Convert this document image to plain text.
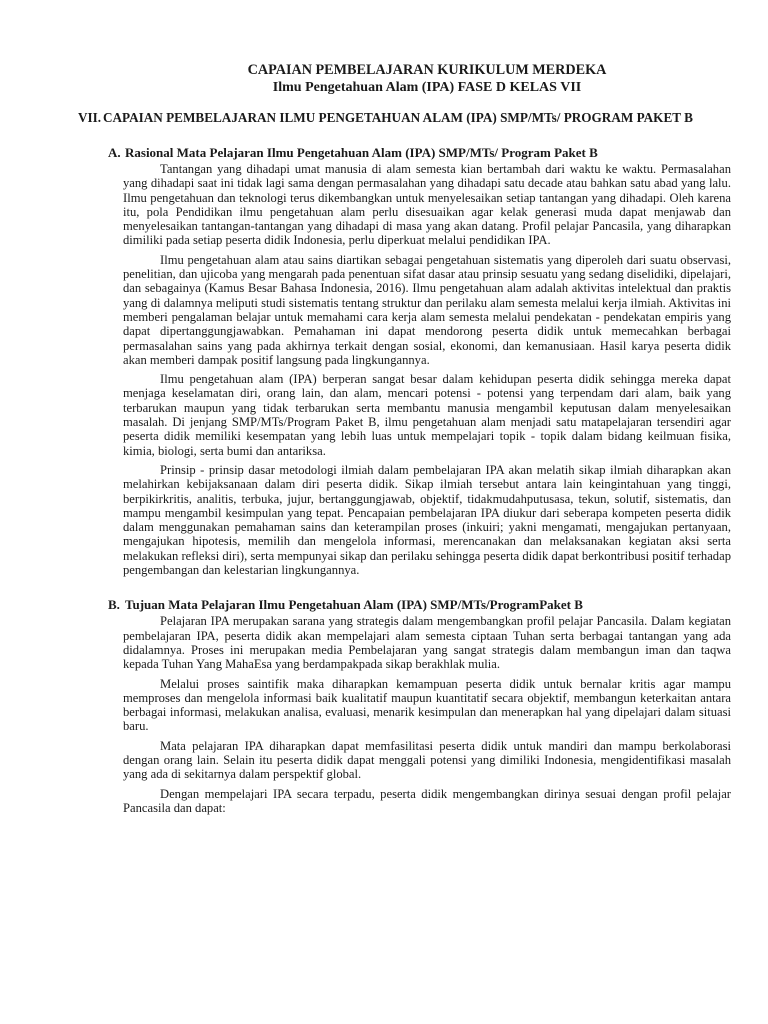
CAPAIAN PEMBELAJARAN KURIKULUM MERDEKA
Ilmu Pengetahuan Alam (IPA) FASE D KELAS VII
VII. CAPAIAN PEMBELAJARAN ILMU PENGETAHUAN ALAM (IPA) SMP/MTs/ PROGRAM PAKET B
A. Rasional Mata Pelajaran Ilmu Pengetahuan Alam (IPA) SMP/MTs/ Program Paket B

Tantangan yang dihadapi umat manusia di alam semesta kian bertambah dari waktu ke waktu. Permasalahan yang dihadapi saat ini tidak lagi sama dengan permasalahan yang dihadapi satu decade atau bahkan satu abad yang lalu. Ilmu pengetahuan dan teknologi terus dikembangkan untuk menyelesaikan setiap tantangan yang dihadapi. Oleh karena itu, pola Pendidikan ilmu pengetahuan alam perlu disesuaikan agar kelak generasi muda dapat menjawab dan menyelesaikan tantangan-tantangan yang dihadapi di masa yang akan datang. Profil pelajar Pancasila, yang diharapkan dimiliki pada setiap peserta didik Indonesia, perlu diperkuat melalui pendidikan IPA.

Ilmu pengetahuan alam atau sains diartikan sebagai pengetahuan sistematis yang diperoleh dari suatu observasi, penelitian, dan ujicoba yang mengarah pada penentuan sifat dasar atau prinsip sesuatu yang sedang diselidiki, dipelajari, dan sebagainya (Kamus Besar Bahasa Indonesia, 2016). Ilmu pengetahuan alam adalah aktivitas intelektual dan praktis yang di dalamnya meliputi studi sistematis tentang struktur dan perilaku alam semesta melalui kerja ilmiah. Aktivitas ini memberi pengalaman belajar untuk memahami cara kerja alam semesta melalui pendekatan - pendekatan empiris yang dapat dipertanggungjawabkan. Pemahaman ini dapat mendorong peserta didik untuk memecahkan berbagai permasalahan sains yang pada akhirnya terkait dengan sosial, ekonomi, dan kemanusiaan. Hasil karya peserta didik akan memberi dampak positif langsung pada lingkungannya.

Ilmu pengetahuan alam (IPA) berperan sangat besar dalam kehidupan peserta didik sehingga mereka dapat menjaga keselamatan diri, orang lain, dan alam, mencari potensi - potensi yang terpendam dari alam, baik yang terbarukan maupun yang tidak terbarukan serta membantu manusia mengambil keputusan dalam menyelesaikan masalah. Di jenjang SMP/MTs/Program Paket B, ilmu pengetahuan alam menjadi satu matapelajaran tersendiri agar peserta didik memiliki kesempatan yang lebih luas untuk mempelajari topik - topik dalam bidang keilmuan fisika, kimia, biologi, serta bumi dan antariksa.

Prinsip - prinsip dasar metodologi ilmiah dalam pembelajaran IPA akan melatih sikap ilmiah diharapkan akan melahirkan kebijaksanaan dalam diri peserta didik. Sikap ilmiah tersebut antara lain keingintahuan yang tinggi, berpikirkritis, analitis, terbuka, jujur, bertanggungjawab, objektif, tidakmudahputusasa, tekun, solutif, sistematis, dan mampu mengambil kesimpulan yang tepat. Pencapaian pembelajaran IPA diukur dari seberapa kompeten peserta didik dalam menggunakan pemahaman sains dan keterampilan proses (inkuiri; yakni mengamati, mengajukan pertanyaan, mengajukan hipotesis, memilih dan mengelola informasi, merencanakan dan melaksanakan kegiatan aksi serta melakukan refleksi diri), serta mempunyai sikap dan perilaku sehingga peserta didik dapat berkontribusi positif terhadap pengembangan dan kelestarian lingkungannya.

B. Tujuan Mata Pelajaran Ilmu Pengetahuan Alam (IPA) SMP/MTs/ProgramPaket B

Pelajaran IPA merupakan sarana yang strategis dalam mengembangkan profil pelajar Pancasila. Dalam kegiatan pembelajaran IPA, peserta didik akan mempelajari alam semesta ciptaan Tuhan serta berbagai tantangan yang ada didalamnya. Proses ini merupakan media Pembelajaran yang sangat strategis dalam membangun iman dan taqwa kepada Tuhan Yang MahaEsa yang berdampakpada sikap berakhlak mulia.

Melalui proses saintifik maka diharapkan kemampuan peserta didik untuk bernalar kritis agar mampu memproses dan mengelola informasi baik kualitatif maupun kuantitatif secara objektif, membangun keterkaitan antara berbagai informasi, melakukan analisa, evaluasi, menarik kesimpulan dan menerapkan hal yang dipelajari dalam situasi baru.

Mata pelajaran IPA diharapkan dapat memfasilitasi peserta didik untuk mandiri dan mampu berkolaborasi dengan orang lain. Selain itu peserta didik dapat menggali potensi yang dimiliki Indonesia, mengidentifikasi masalah yang ada di sekitarnya dalam perspektif global.

Dengan mempelajari IPA secara terpadu, peserta didik mengembangkan dirinya sesuai dengan profil pelajar Pancasila dan dapat:
